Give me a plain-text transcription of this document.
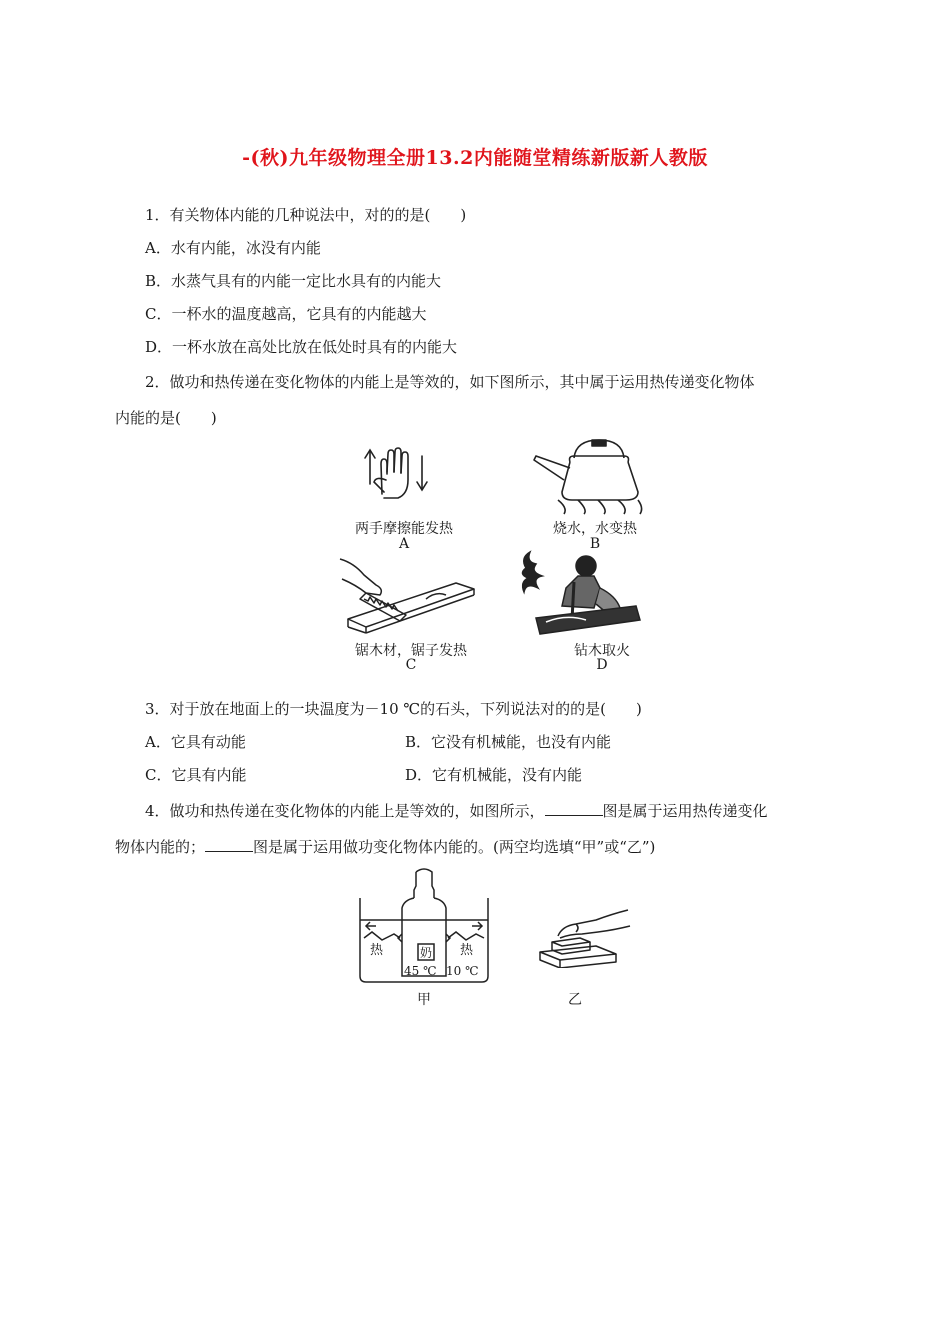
-(秋)九年级物理全册13.2内能随堂精练新版新人教版
1．有关物体内能的几种说法中，对的的是(　　)
A．水有内能，冰没有内能
B．水蒸气具有的内能一定比水具有的内能大
C．一杯水的温度越高，它具有的内能越大
D．一杯水放在高处比放在低处时具有的内能大
2．做功和热传递在变化物体的内能上是等效的，如下图所示，其中属于运用热传递变化物体
内能的是(　　)
两手摩擦能发热
A
烧水，水变热
B
锯木材，锯子发热
C
钻木取火
D
3．对于放在地面上的一块温度为－10 ℃的石头，下列说法对的的是(　　)
A．它具有动能	B．它没有机械能，也没有内能
C．它具有内能	D．它有机械能，没有内能
4．做功和热传递在变化物体的内能上是等效的，如图所示，	图是属于运用热传递变化
物体内能的；	图是属于运用做功变化物体内能的。(两空均选填“甲”或“乙”)
热	热
奶
45 ℃ 10 ℃
甲	乙
